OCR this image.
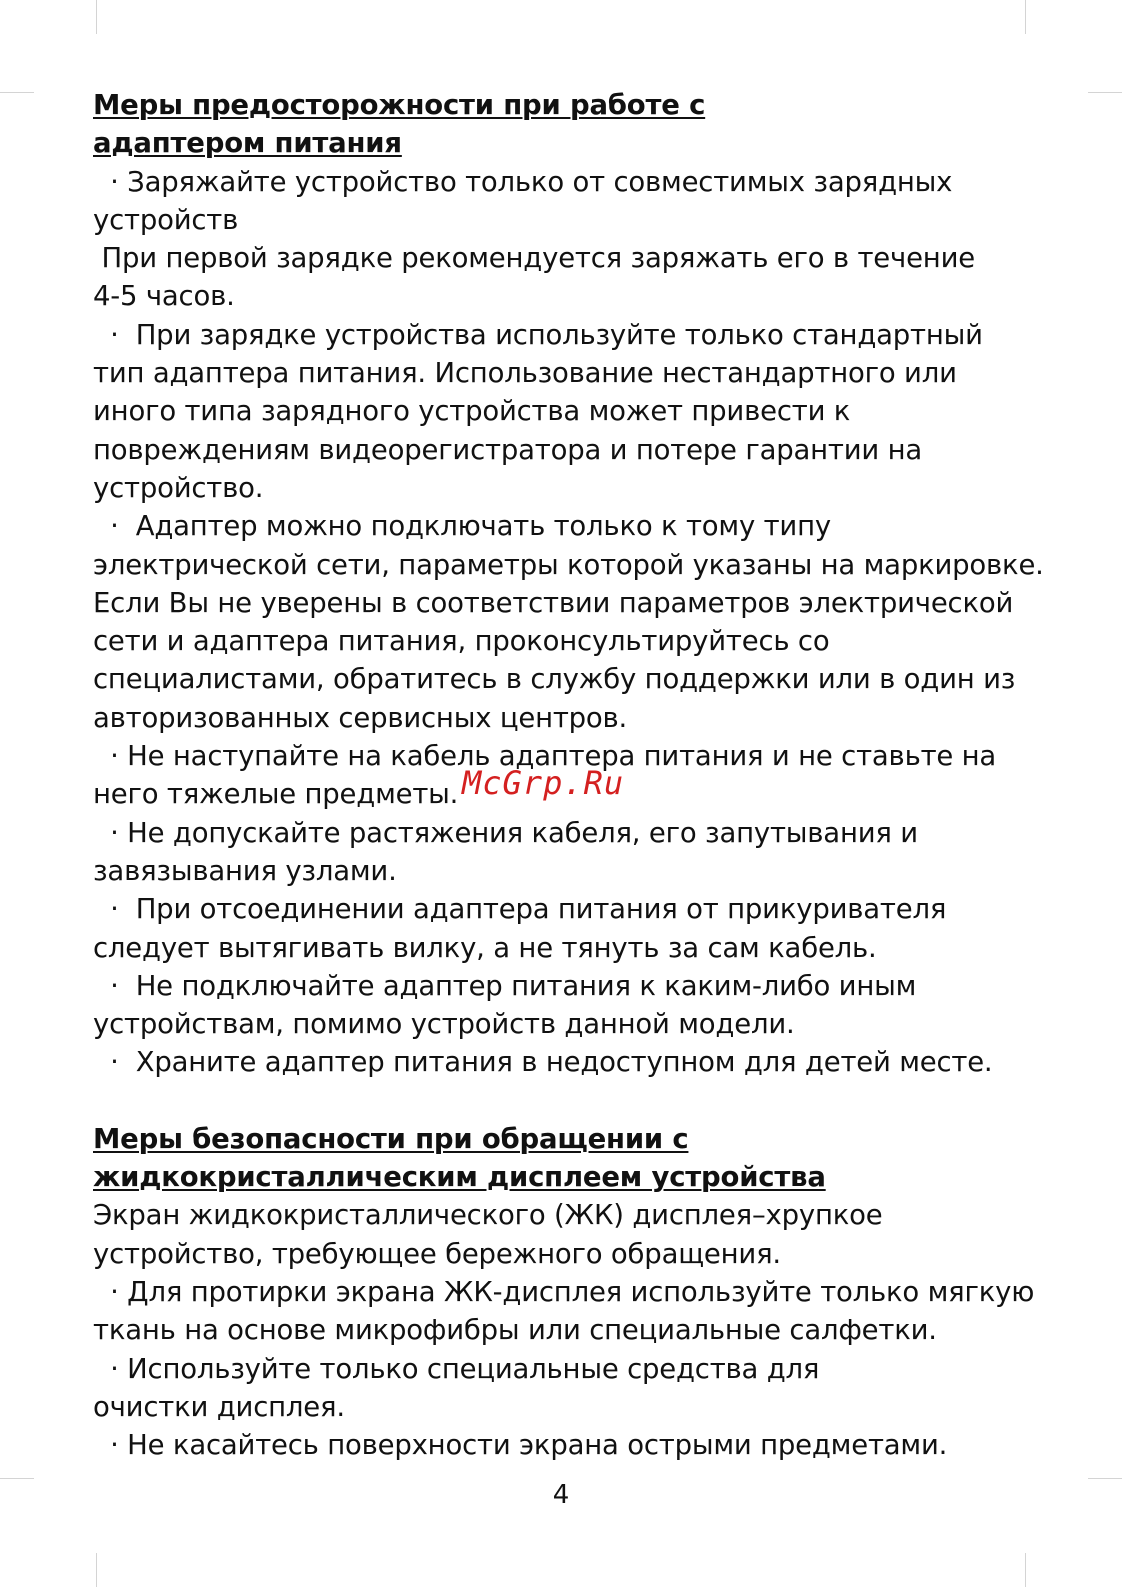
Меры предосторожности при работе с
адаптером питания
· Заряжайте устройство только от совместимых зарядных
устройств
При первой зарядке рекомендуется заряжать его в течение
4-5 часов.
·  При зарядке устройства используйте только стандартный
тип адаптера питания. Использование нестандартного или
иного типа зарядного устройства может привести к
повреждениям видеорегистратора и потере гарантии на
устройство.
·  Адаптер можно подключать только к тому типу
электрической сети, параметры которой указаны на маркировке.
Если Вы не уверены в соответствии параметров электрической
сети и адаптера питания, проконсультируйтесь со
специалистами, обратитесь в службу поддержки или в один из
авторизованных сервисных центров.
· Не наступайте на кабель адаптера питания и не ставьте на
него тяжелые предметы.
· Не допускайте растяжения кабеля, его запутывания и
завязывания узлами.
·  При отсоединении адаптера питания от прикуривателя
следует вытягивать вилку, а не тянуть за сам кабель.
·  Не подключайте адаптер питания к каким-либо иным
устройствам, помимо устройств данной модели.
·  Храните адаптер питания в недоступном для детей месте.
Меры безопасности при обращении с
жидкокристаллическим дисплеем устройства
Экран жидкокристаллического (ЖК) дисплея–хрупкое
устройство, требующее бережного обращения.
· Для протирки экрана ЖК-дисплея используйте только мягкую
ткань на основе микрофибры или специальные салфетки.
· Используйте только специальные средства для
очистки дисплея.
· Не касайтесь поверхности экрана острыми предметами.
McGrp.Ru
4
